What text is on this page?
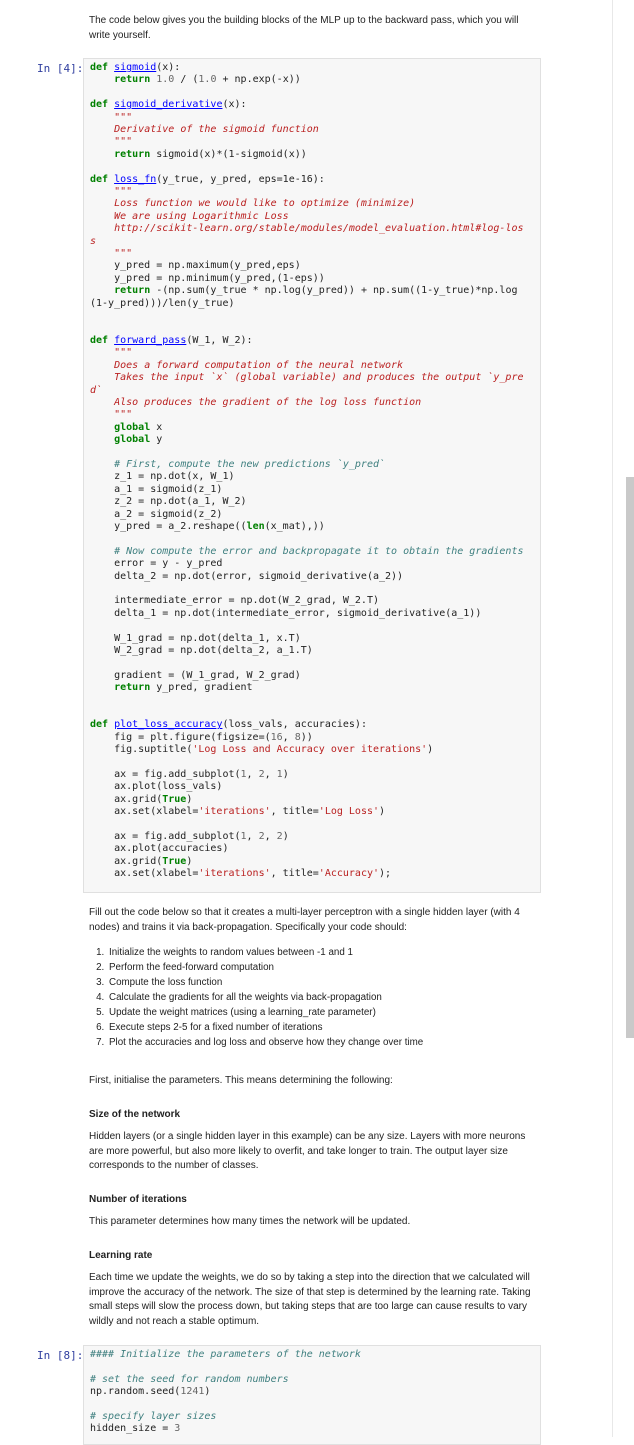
The code below gives you the building blocks of the MLP up to the backward pass, which you will write yourself.

In [4]: def sigmoid(x):
return 1.0 / (1.0 + np.exp(-x))
def sigmoid_derivative(x):
"""
Derivative of the sigmoid function
"""
return sigmoid(x)*(1-sigmoid(x))
def loss_fn(y_true, y_pred, eps=1e-16):
"""
Loss function we would like to optimize (minimize)
We are using Logarithmic Loss
http://scikit-learn.org/stable/modules/model_evaluation.html#log-los
s
"""
y_pred = np.maximum(y_pred,eps)
y_pred = np.minimum(y_pred,(1-eps))
return -(np.sum(y_true * np.log(y_pred)) + np.sum((1-y_true)*np.log
(1-y_pred)))/len(y_true)
def forward_pass(W_1, W_2):
"""
Does a forward computation of the neural network
Takes the input `x` (global variable) and produces the output `y_pre
d`
Also produces the gradient of the log loss function
"""
global x
global y
# First, compute the new predictions `y_pred`
z_1 = np.dot(x, W_1)
a_1 = sigmoid(z_1)
z_2 = np.dot(a_1, W_2)
a_2 = sigmoid(z_2)
y_pred = a_2.reshape((len(x_mat),))
# Now compute the error and backpropagate it to obtain the gradients
error = y - y_pred
delta_2 = np.dot(error, sigmoid_derivative(a_2))
intermediate_error = np.dot(W_2_grad, W_2.T)
delta_1 = np.dot(intermediate_error, sigmoid_derivative(a_1))
W_1_grad = np.dot(delta_1, x.T)
W_2_grad = np.dot(delta_2, a_1.T)
gradient = (W_1_grad, W_2_grad)
return y_pred, gradient
def plot_loss_accuracy(loss_vals, accuracies):
fig = plt.figure(figsize=(16, 8))
fig.suptitle('Log Loss and Accuracy over iterations')
ax = fig.add_subplot(1, 2, 1)
ax.plot(loss_vals)
ax.grid(True)
ax.set(xlabel='iterations', title='Log Loss')
ax = fig.add_subplot(1, 2, 2)
ax.plot(accuracies)
ax.grid(True)
ax.set(xlabel='iterations', title='Accuracy');

Fill out the code below so that it creates a multi-layer perceptron with a single hidden layer (with 4 nodes) and trains it via back-propagation. Specifically your code should:

1. Initialize the weights to random values between -1 and 1
2. Perform the feed-forward computation
3. Compute the loss function
4. Calculate the gradients for all the weights via back-propagation
5. Update the weight matrices (using a learning_rate parameter)
6. Execute steps 2-5 for a fixed number of iterations
7. Plot the accuracies and log loss and observe how they change over time

First, initialise the parameters. This means determining the following:

Size of the network

Hidden layers (or a single hidden layer in this example) can be any size. Layers with more neurons are more powerful, but also more likely to overfit, and take longer to train. The output layer size corresponds to the number of classes.

Number of iterations

This parameter determines how many times the network will be updated.

Learning rate

Each time we update the weights, we do so by taking a step into the direction that we calculated will improve the accuracy of the network. The size of that step is determined by the learning rate. Taking small steps will slow the process down, but taking steps that are too large can cause results to vary wildly and not reach a stable optimum.

In [8]: #### Initialize the parameters of the network
# set the seed for random numbers
np.random.seed(1241)
# specify layer sizes
hidden_size = 3
